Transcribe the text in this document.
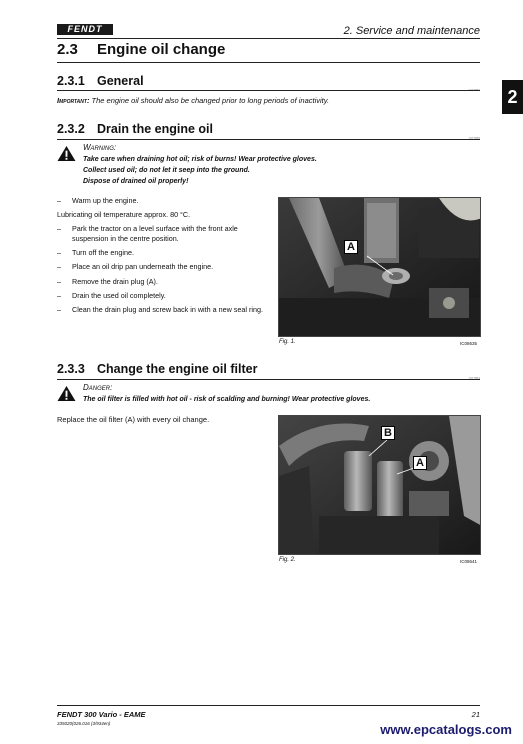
FENDT	2. Service and maintenance
2
2.3 Engine oil change
2.3.1 General
7377850
Important: The engine oil should also be changed prior to long periods of inactivity.
2.3.2 Drain the engine oil
7377856
Warning:
Take care when draining hot oil; risk of burns! Wear protective gloves.
Collect used oil; do not let it seep into the ground.
Dispose of drained oil properly!
– Warm up the engine.
Lubricating oil temperature approx. 80 °C.
– Park the tractor on a level surface with the front axle suspension in the centre position.
– Turn off the engine.
– Place an oil drip pan underneath the engine.
– Remove the drain plug (A).
– Drain the used oil completely.
– Clean the drain plug and screw back in with a new seal ring.
A
Fig. 1.	IC08635
2.3.3 Change the engine oil filter
7377854
Danger:
The oil filter is filled with hot oil - risk of scalding and burning! Wear protective gloves.
Replace the oil filter (A) with every oil change.
B
A
Fig. 2.	IC08641
FENDT 300 Vario - EAME
335020(026.016 (3/934en)
21
www.epcatalogs.com
